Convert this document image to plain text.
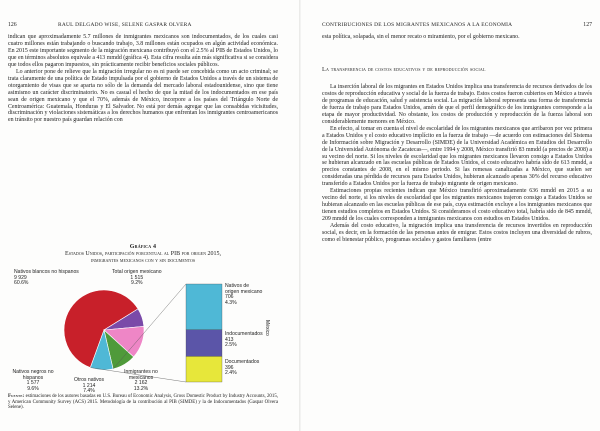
126	RAÚL DELGADO WISE, SELENE GASPAR OLVERA

indican que aproximadamente 5.7 millones de inmigrantes mexicanos son indocumentados, de los cuales casi cuatro millones están trabajando o buscando trabajo, 3.8 millones están ocupados en algún actividad económica. En 2015 este importante segmento de la migración mexicana contribuyó con el 2.5% al PIB de Estados Unidos, lo que en términos absolutos equivale a 413 mmdd (gráfica 4). Esta cifra resulta aún más significativa si se considera que todos ellos pagaron impuestos, sin prácticamente recibir beneficios sociales públicos.

Lo anterior pone de relieve que la migración irregular no es ni puede ser concebida como un acto criminal; se trata claramente de una política de Estado impulsada por el gobierno de Estados Unidos a través de un sistema de otorgamiento de visas que se aparta no sólo de la demanda del mercado laboral estadounidense, sino que tiene asimismo un carácter discriminatorio. No es casual el hecho de que la mitad de los indocumentados en ese país sean de origen mexicano y que el 70%, además de México, incorpore a los países del Triángulo Norte de Centroamérica: Guatemala, Honduras y El Salvador. No está por demás agregar que las consabidas vicisitudes, discriminación y violaciones sistemáticas a los derechos humanos que enfrentan los inmigrantes centroamericanos en tránsito por nuestro país guardan relación con

Gráfica 4
Estados Unidos, participación porcentual al PIB por origen 2015,
inmigrantes mexicanos con y sin documentos
Nativos blancos no hispanos
9 929
60.6%
Total origen mexicano
1 515
9.2%
Nativos negros no hispanos
1 577
9.6%
Otros nativos
1 214
7.4%
Inmigrantes no mexicanos
2 162
13.2%
Nativos de origen mexicano
706
4.3%
Indocumentados
413
2.5%
Documentados
396
2.4%
México
Fuente: estimaciones de los autores basadas en U.S. Bureau of Economic Analysis, Gross Domestic Product by Industry Accounts, 2015, y American Community Survey (ACS) 2015. Metodología de la contribución al PIB (SIMDE) y la de Indocumentados (Gaspar Olvera Selene).
CONTRIBUCIONES DE LOS MIGRANTES MEXICANOS A LA ECONOMÍA	127

esta política, solapada, sin el menor recato o miramiento, por el gobierno mexicano.

La transferencia de costos educativos y de reproducción social

La inserción laboral de los migrantes en Estados Unidos implica una transferencia de recursos derivados de los costos de reproducción educativa y social de la fuerza de trabajo. Estos costos fueron cubiertos en México a través de programas de educación, salud y asistencia social. La migración laboral representa una forma de transferencia de fuerza de trabajo para Estados Unidos, amén de que el perfil demográfico de los inmigrantes corresponde a la etapa de mayor productividad. No obstante, los costos de producción y reproducción de la fuerza laboral son considerablemente menores en México.

En efecto, al tomar en cuenta el nivel de escolaridad de los migrantes mexicanos que arribaron por vez primera a Estados Unidos y el costo educativo implícito en la fuerza de trabajo —de acuerdo con estimaciones del Sistema de Información sobre Migración y Desarrollo (SIMDE) de la Universidad Académica en Estudios del Desarrollo de la Universidad Autónoma de Zacatecas—, entre 1994 y 2008, México transfirió 83 mmdd (a precios de 2008) a su vecino del norte. Si los niveles de escolaridad que los migrantes mexicanos llevaron consigo a Estados Unidos se hubieran alcanzado en las escuelas públicas de Estados Unidos, el costo educativo habría sido de 613 mmdd, a precios constantes de 2008, en el mismo periodo. Si las remesas canalizadas a México, que suelen ser consideradas una pérdida de recursos para Estados Unidos, hubieran alcanzado apenas 30% del recurso educativo transferido a Estados Unidos por la fuerza de trabajo migrante de origen mexicano.

Estimaciones propias recientes indican que México transfirió aproximadamente 636 mmdd en 2015 a su vecino del norte, si los niveles de escolaridad que los migrantes mexicanos trajeron consigo a Estados Unidos se hubieran alcanzado en las escuelas públicas de ese país, cuya estimación excluye a los inmigrantes mexicanos que tienen estudios completos en Estados Unidos. Si consideramos el costo educativo total, habría sido de 845 mmdd, 209 mmdd de los cuales corresponden a inmigrantes mexicanos con estudios en Estados Unidos.

Además del costo educativo, la migración implica una transferencia de recursos invertidos en reproducción social, es decir, en la formación de las personas antes de emigrar. Estos costos incluyen una diversidad de rubros, como el bienestar público, programas sociales y gastos familiares (entre
